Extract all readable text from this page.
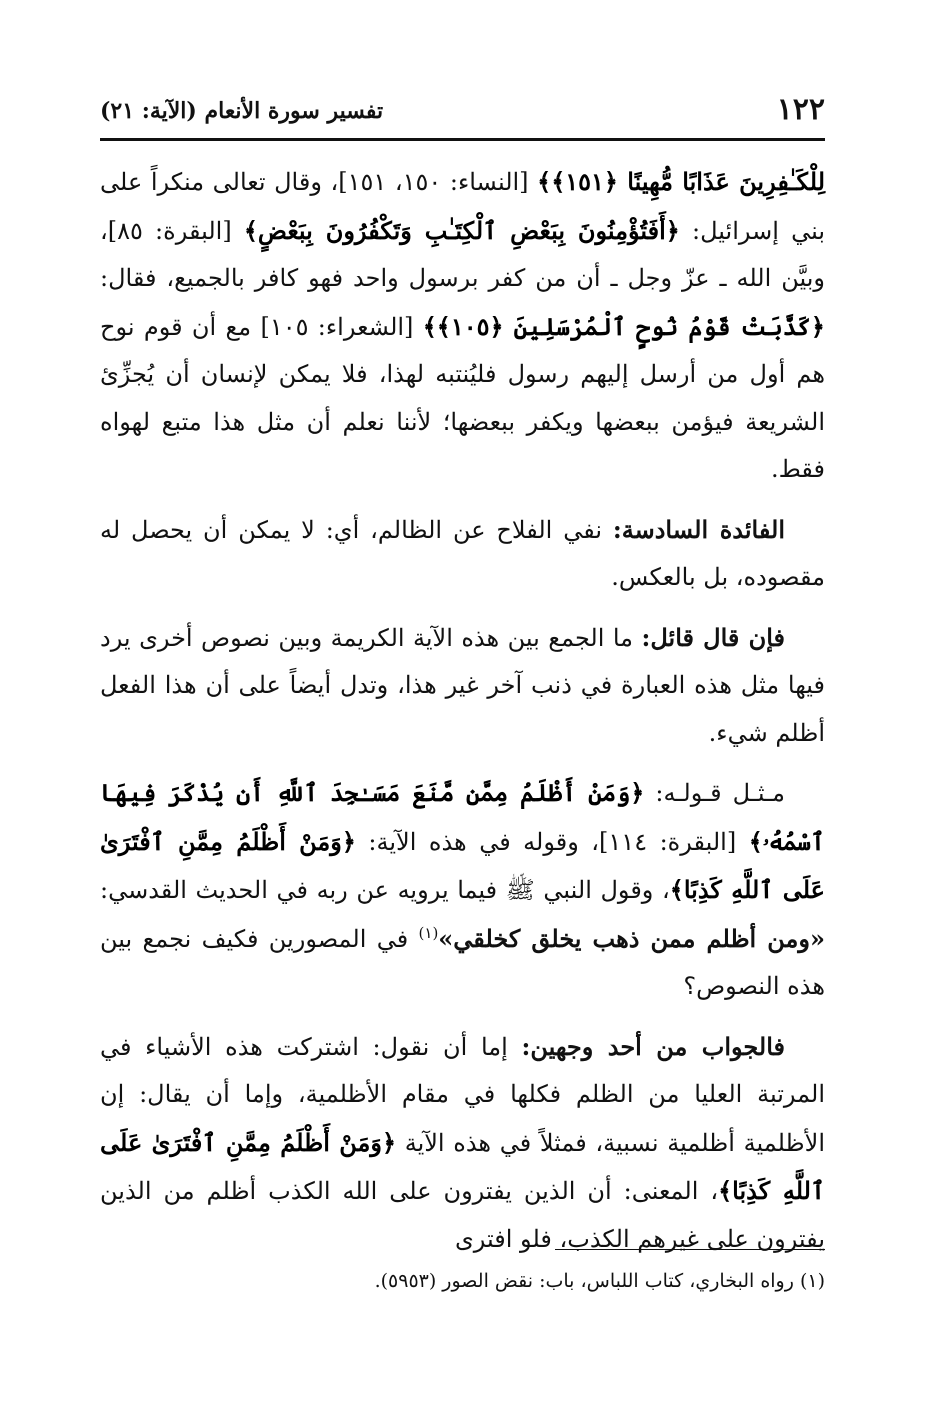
١٢٢
تفسير سورة الأنعام (الآية: ٢١)

لِلْكَـٰفِرِينَ عَذَابًا مُّهِينًا ﴿١٥١﴾﴾ [النساء: ١٥٠، ١٥١]، وقال تعالى منكراً على بني إسرائيل: ﴿أَفَتُؤْمِنُونَ بِبَعْضِ ٱلْكِتَـٰبِ وَتَكْفُرُونَ بِبَعْضٍ﴾ [البقرة: ٨٥]، وبيَّن الله ـ عزّ وجل ـ أن من كفر برسول واحد فهو كافر بالجميع، فقال: ﴿كَذَّبَتْ قَوْمُ نُوحٍ ٱلْمُرْسَلِينَ ﴿١٠٥﴾﴾ [الشعراء: ١٠٥] مع أن قوم نوح هم أول من أرسل إليهم رسول فليُنتبه لهذا، فلا يمكن لإنسان أن يُجزِّئ الشريعة فيؤمن ببعضها ويكفر ببعضها؛ لأننا نعلم أن مثل هذا متبع لهواه فقط.

الفائدة السادسة: نفي الفلاح عن الظالم، أي: لا يمكن أن يحصل له مقصوده، بل بالعكس.

فإن قال قائل: ما الجمع بين هذه الآية الكريمة وبين نصوص أخرى يرد فيها مثل هذه العبارة في ذنب آخر غير هذا، وتدل أيضاً على أن هذا الفعل أظلم شيء.

مـثـل قـولـه: ﴿وَمَنْ أَظْلَمُ مِمَّن مَّنَعَ مَسَـٰجِدَ ٱللَّهِ أَن يُذْكَرَ فِيهَا ٱسْمُهُۥ﴾ [البقرة: ١١٤]، وقوله في هذه الآية: ﴿وَمَنْ أَظْلَمُ مِمَّنِ ٱفْتَرَىٰ عَلَى ٱللَّهِ كَذِبًا﴾، وقول النبي ﷺ فيما يرويه عن ربه في الحديث القدسي: «ومن أظلم ممن ذهب يخلق كخلقي»$^{(١)}$ في المصورين فكيف نجمع بين هذه النصوص؟

فالجواب من أحد وجهين: إما أن نقول: اشتركت هذه الأشياء في المرتبة العليا من الظلم فكلها في مقام الأظلمية، وإما أن يقال: إن الأظلمية أظلمية نسبية، فمثلاً في هذه الآية ﴿وَمَنْ أَظْلَمُ مِمَّنِ ٱفْتَرَىٰ عَلَى ٱللَّهِ كَذِبًا﴾، المعنى: أن الذين يفترون على الله الكذب أظلم من الذين يفترون على غيرهم الكذب، فلو افترى

(١) رواه البخاري، كتاب اللباس، باب: نقض الصور (٥٩٥٣).
